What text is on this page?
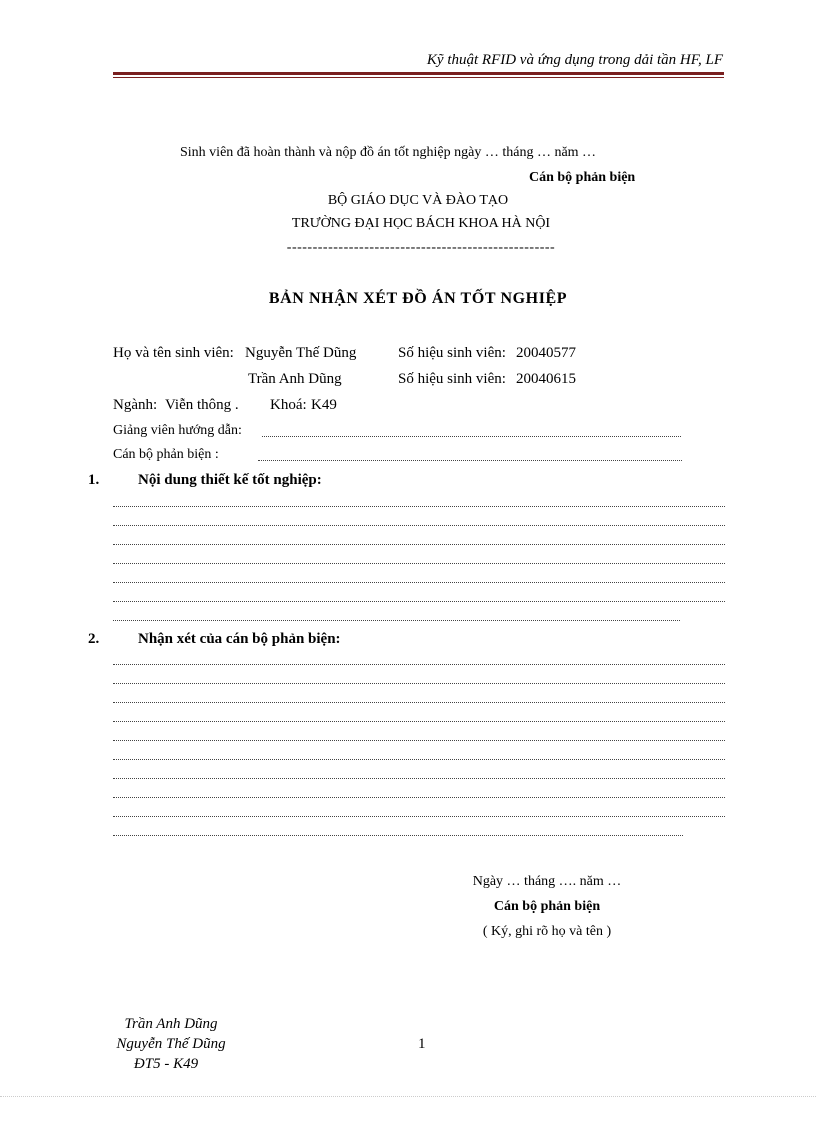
Kỹ thuật RFID và ứng dụng trong dải tần HF, LF
Sinh viên đã hoàn thành và nộp đồ án tốt nghiệp ngày … tháng … năm …
Cán bộ phản biện
BỘ GIÁO DỤC VÀ ĐÀO TẠO
TRƯỜNG ĐẠI HỌC BÁCH KHOA HÀ NỘI
----------------------------------------------------
BẢN NHẬN XÉT ĐỒ ÁN TỐT NGHIỆP
Họ và tên sinh viên: Nguyễn Thế Dũng	Số hiệu sinh viên: 20040577
Trần Anh Dũng	Số hiệu sinh viên: 20040615
Ngành: Viễn thông . Khoá: K49
Giảng viên hướng dẫn:
Cán bộ phản biện :
1.	Nội dung thiết kế tốt nghiệp:
2.	Nhận xét của cán bộ phản biện:
Ngày … tháng …. năm …
Cán bộ phản biện
( Ký, ghi rõ họ và tên )
Trần Anh Dũng
Nguyễn Thế Dũng
ĐT5 - K49
1
